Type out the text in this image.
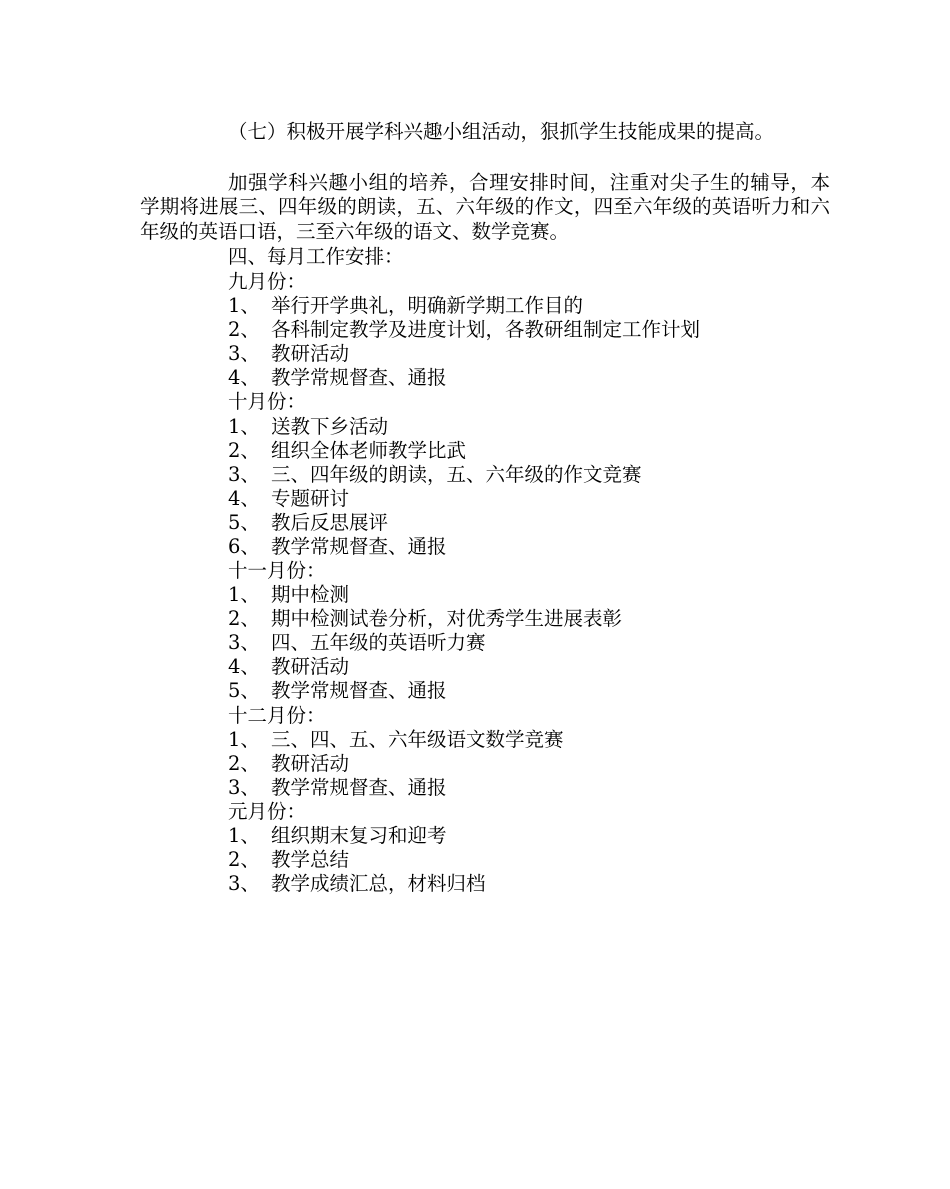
（七）积极开展学科兴趣小组活动，狠抓学生技能成果的提高。

加强学科兴趣小组的培养，合理安排时间，注重对尖子生的辅导，本学期将进展三、四年级的朗读，五、六年级的作文，四至六年级的英语听力和六年级的英语口语，三至六年级的语文、数学竞赛。

四、每月工作安排：

九月份：

1、 举行开学典礼，明确新学期工作目的

2、 各科制定教学及进度计划，各教研组制定工作计划

3、 教研活动

4、 教学常规督查、通报

十月份：

1、 送教下乡活动

2、 组织全体老师教学比武

3、 三、四年级的朗读，五、六年级的作文竞赛

4、 专题研讨

5、 教后反思展评

6、 教学常规督查、通报

十一月份：

1、 期中检测

2、 期中检测试卷分析，对优秀学生进展表彰

3、 四、五年级的英语听力赛

4、 教研活动

5、 教学常规督查、通报

十二月份：

1、 三、四、五、六年级语文数学竞赛

2、 教研活动

3、 教学常规督查、通报

元月份：

1、 组织期末复习和迎考

2、 教学总结

3、 教学成绩汇总，材料归档
